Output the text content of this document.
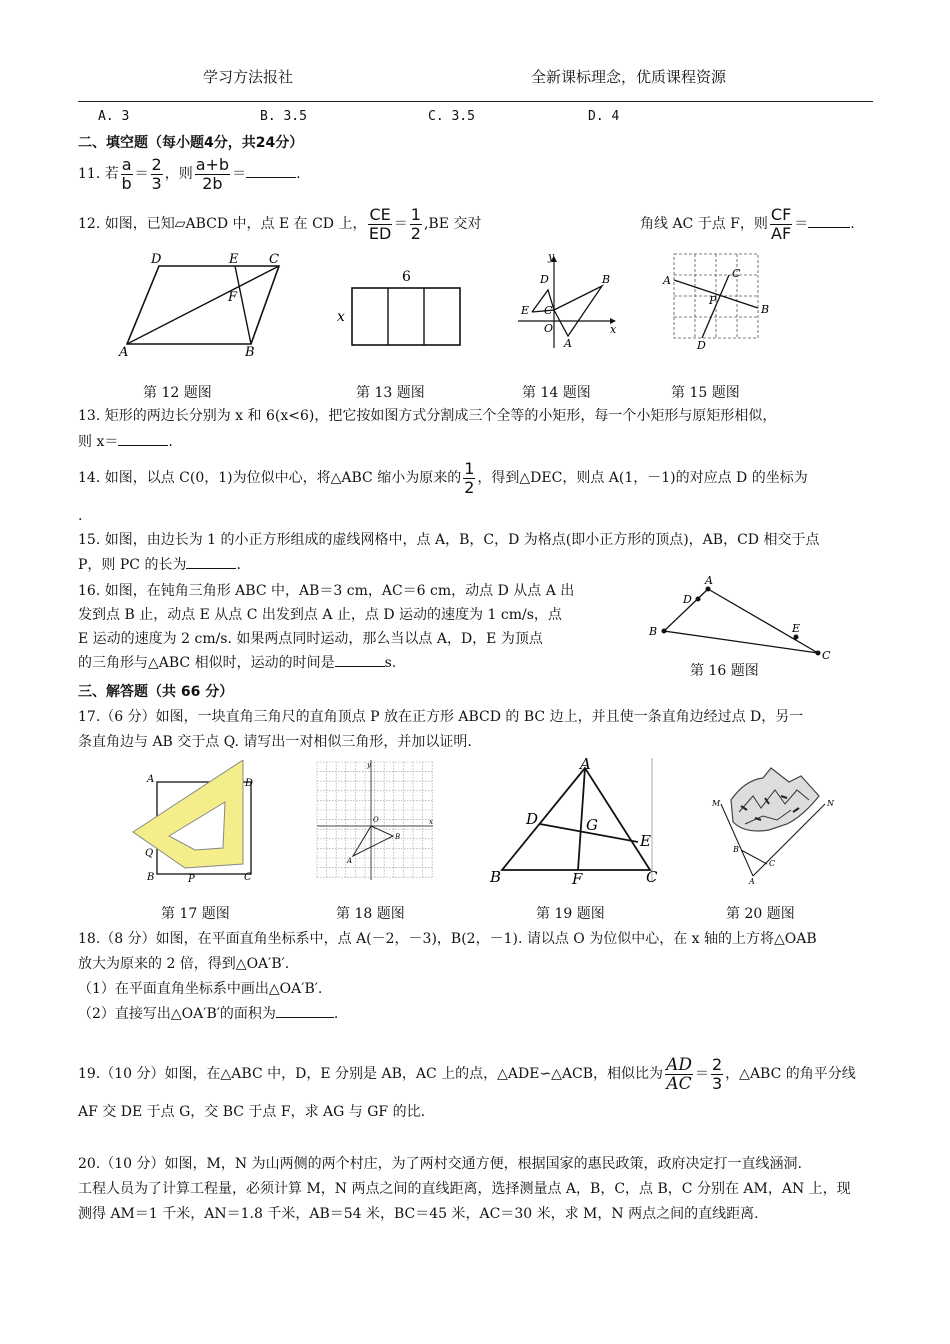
学习方法报社	全新课标理念，优质课程资源
A. 3	B. 3.5	C. 3.5	D. 4
二、填空题（每小题4分，共24分）
11. 若 $\frac{a}{b} = \frac{2}{3}$ ，则 $\frac{a+b}{2b}$ ＝	.
12. 如图，已知▱ABCD 中，点 E 在 CD 上， $\frac{CE}{ED} = \frac{1}{2} ,BE$ 交对	角线 AC 于点 F，则 $\frac{CF}{AF}$ ＝	.
D	E C
F
A	B
6
x
y
D	B
E C
O	x
A
A
C
P
B
D
第 12 题图	第 13 题图	第 14 题图	第 15 题图
13. 矩形的两边长分别为 x 和 6(x<6)，把它按如图方式分割成三个全等的小矩形，每一个小矩形与原矩形相似，
则 x＝	.
14. 如图，以点 C(0，1)为位似中心，将△ABC 缩小为原来的 $\frac{1}{2}$ ，得到△DEC，则点 A(1，－1)的对应点 D 的坐标为
.
15. 如图，由边长为 1 的小正方形组成的虚线网格中，点 A，B，C，D 为格点(即小正方形的顶点)，AB，CD 相交于点
P，则 PC 的长为	.
16. 如图，在钝角三角形 ABC 中，AB＝3 cm，AC＝6 cm，动点 D 从点 A 出
发到点 B 止，动点 E 从点 C 出发到点 A 止，点 D 运动的速度为 1 cm/s，点
E 运动的速度为 2 cm/s. 如果两点同时运动，那么当以点 A，D，E 为顶点
的三角形与△ABC 相似时，运动的时间是	s.
A
D
B	E
C
第 16 题图
三、解答题（共 66 分）
17.（6 分）如图，一块直角三角尺的直角顶点 P 放在正方形 ABCD 的 BC 边上，并且使一条直角边经过点 D，另一
条直角边与 AB 交于点 Q. 请写出一对相似三角形，并加以证明.
A	D
Q
B	P	C
y
x
O
A
B
A
D	G
E
B	F	C
M	N
B
C
A
第 17 题图	第 18 题图	第 19 题图	第 20 题图
18.（8 分）如图，在平面直角坐标系中，点 A(－2，－3)，B(2，－1). 请以点 O 为位似中心，在 x 轴的上方将△OAB
放大为原来的 2 倍，得到△OA′B′.
（1）在平面直角坐标系中画出△OA′B′.
（2）直接写出△OA′B′的面积为	.
19.（10 分）如图，在△ABC 中，D，E 分别是 AB，AC 上的点，△ADE∽△ACB，相似比为 $\frac{AD}{AC} = \frac{2}{3}$ ，△ABC 的角平分线
AF 交 DE 于点 G，交 BC 于点 F，求 AG 与 GF 的比.
20.（10 分）如图，M，N 为山两侧的两个村庄，为了两村交通方便，根据国家的惠民政策，政府决定打一直线涵洞.
工程人员为了计算工程量，必须计算 M，N 两点之间的直线距离，选择测量点 A，B，C，点 B，C 分别在 AM，AN 上，现
测得 AM＝1 千米，AN＝1.8 千米，AB＝54 米，BC＝45 米，AC＝30 米，求 M，N 两点之间的直线距离.
